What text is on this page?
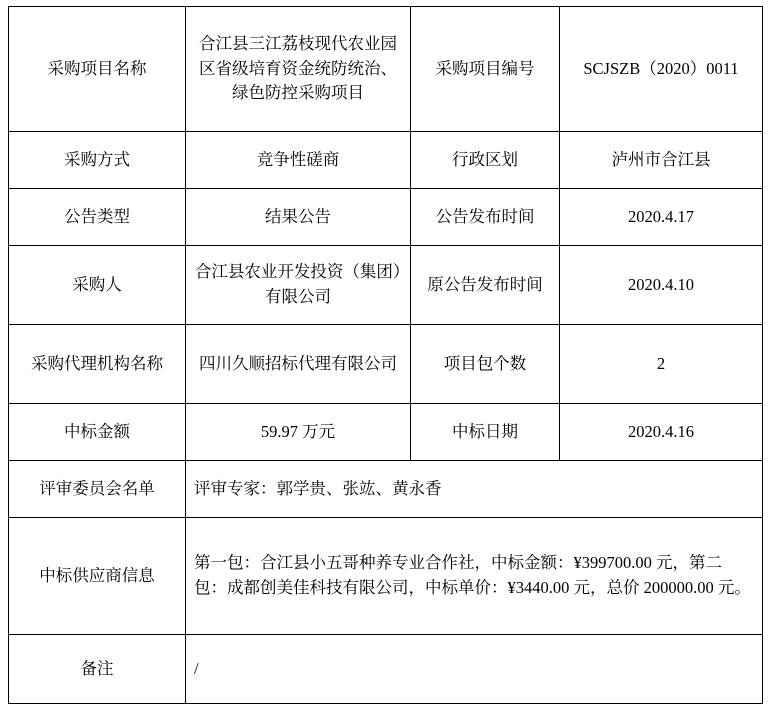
采购项目名称	合江县三江荔枝现代农业园区省级培育资金统防统治、绿色防控采购项目	采购项目编号	SCJSZB（2020）0011
采购方式	竞争性磋商	行政区划	泸州市合江县
公告类型	结果公告	公告发布时间	2020.4.17
采购人	合江县农业开发投资（集团）有限公司	原公告发布时间	2020.4.10
采购代理机构名称	四川久顺招标代理有限公司	项目包个数	2
中标金额	59.97 万元	中标日期	2020.4.16
评审委员会名单	评审专家：郭学贵、张竑、黄永香		
中标供应商信息	第一包：合江县小五哥种养专业合作社，中标金额：¥399700.00 元，第二包：成都创美佳科技有限公司，中标单价：¥3440.00 元，总价 200000.00 元。		
备注	/		
